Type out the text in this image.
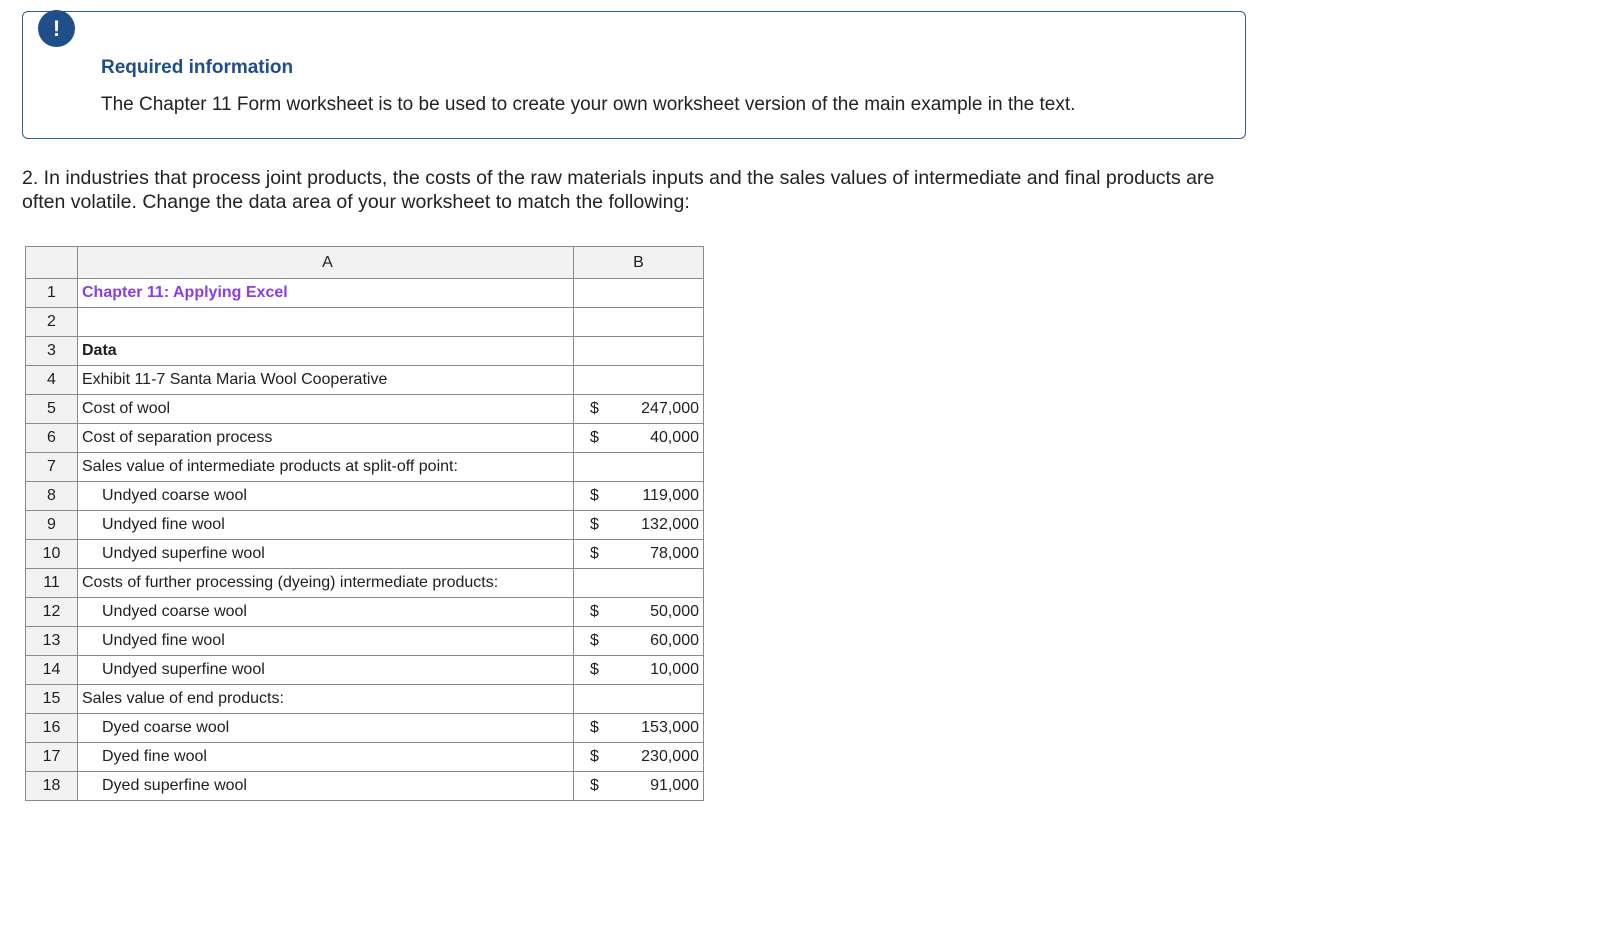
!
Required information
The Chapter 11 Form worksheet is to be used to create your own worksheet version of the main example in the text.
2. In industries that process joint products, the costs of the raw materials inputs and the sales values of intermediate and final products are often volatile. Change the data area of your worksheet to match the following:
	A	B
1	Chapter 11: Applying Excel	

2		

3	Data	

4	Exhibit 11-7 Santa Maria Wool Cooperative	

5	Cost of wool	$ 247,000

6	Cost of separation process	$ 40,000

7	Sales value of intermediate products at split-off point:	

8	Undyed coarse wool	$ 119,000

9	Undyed fine wool	$ 132,000

10	Undyed superfine wool	$ 78,000

11	Costs of further processing (dyeing) intermediate products:	

12	Undyed coarse wool	$ 50,000

13	Undyed fine wool	$ 60,000

14	Undyed superfine wool	$ 10,000

15	Sales value of end products:	

16	Dyed coarse wool	$ 153,000

17	Dyed fine wool	$ 230,000

18	Dyed superfine wool	$ 91,000
